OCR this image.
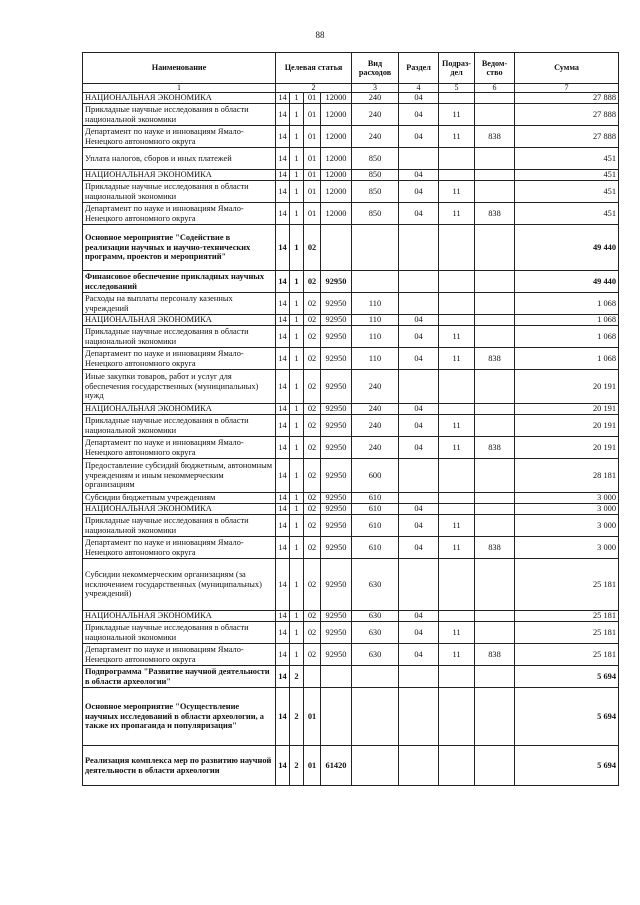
88
Наименование	Целевая статья				Вид расходов	Раздел	Подраз-дел	Ведом-ство	Сумма
1	2				3	4	5	6	7
НАЦИОНАЛЬНАЯ ЭКОНОМИКА	14	1	01	12000	240	04			27 888
Прикладные научные исследования в области национальной экономики	14	1	01	12000	240	04	11		27 888
Департамент по науке и инновациям Ямало-Ненецкого автономного округа	14	1	01	12000	240	04	11	838	27 888
Уплата налогов, сборов и иных платежей	14	1	01	12000	850				451
НАЦИОНАЛЬНАЯ ЭКОНОМИКА	14	1	01	12000	850	04			451
Прикладные научные исследования в области национальной экономики	14	1	01	12000	850	04	11		451
Департамент по науке и инновациям Ямало-Ненецкого автономного округа	14	1	01	12000	850	04	11	838	451
Основное мероприятие "Содействие в реализации научных и научно-технических программ, проектов и мероприятий"	14	1	02						49 440
Финансовое обеспечение прикладных научных исследований	14	1	02	92950					49 440
Расходы на выплаты персоналу казенных учреждений	14	1	02	92950	110				1 068
НАЦИОНАЛЬНАЯ ЭКОНОМИКА	14	1	02	92950	110	04			1 068
Прикладные научные исследования в области национальной экономики	14	1	02	92950	110	04	11		1 068
Департамент по науке и инновациям Ямало-Ненецкого автономного округа	14	1	02	92950	110	04	11	838	1 068
Иные закупки товаров, работ и услуг для обеспечения государственных (муниципальных) нужд	14	1	02	92950	240				20 191
НАЦИОНАЛЬНАЯ ЭКОНОМИКА	14	1	02	92950	240	04			20 191
Прикладные научные исследования в области национальной экономики	14	1	02	92950	240	04	11		20 191
Департамент по науке и инновациям Ямало-Ненецкого автономного округа	14	1	02	92950	240	04	11	838	20 191
Предоставление субсидий бюджетным, автономным учреждениям и иным некоммерческим организациям	14	1	02	92950	600				28 181
Субсидии бюджетным учреждениям	14	1	02	92950	610				3 000
НАЦИОНАЛЬНАЯ ЭКОНОМИКА	14	1	02	92950	610	04			3 000
Прикладные научные исследования в области национальной экономики	14	1	02	92950	610	04	11		3 000
Департамент по науке и инновациям Ямало-Ненецкого автономного округа	14	1	02	92950	610	04	11	838	3 000
Субсидии некоммерческим организациям (за исключением государственных (муниципальных) учреждений)	14	1	02	92950	630				25 181
НАЦИОНАЛЬНАЯ ЭКОНОМИКА	14	1	02	92950	630	04			25 181
Прикладные научные исследования в области национальной экономики	14	1	02	92950	630	04	11		25 181
Департамент по науке и инновациям Ямало-Ненецкого автономного округа	14	1	02	92950	630	04	11	838	25 181
Подпрограмма "Развитие научной деятельности в области археологии"	14	2							5 694
Основное мероприятие "Осуществление научных исследований в области археологии, а также их пропаганда и популяризация"	14	2	01						5 694
Реализация комплекса мер по развитию научной деятельности в области археологии	14	2	01	61420					5 694
